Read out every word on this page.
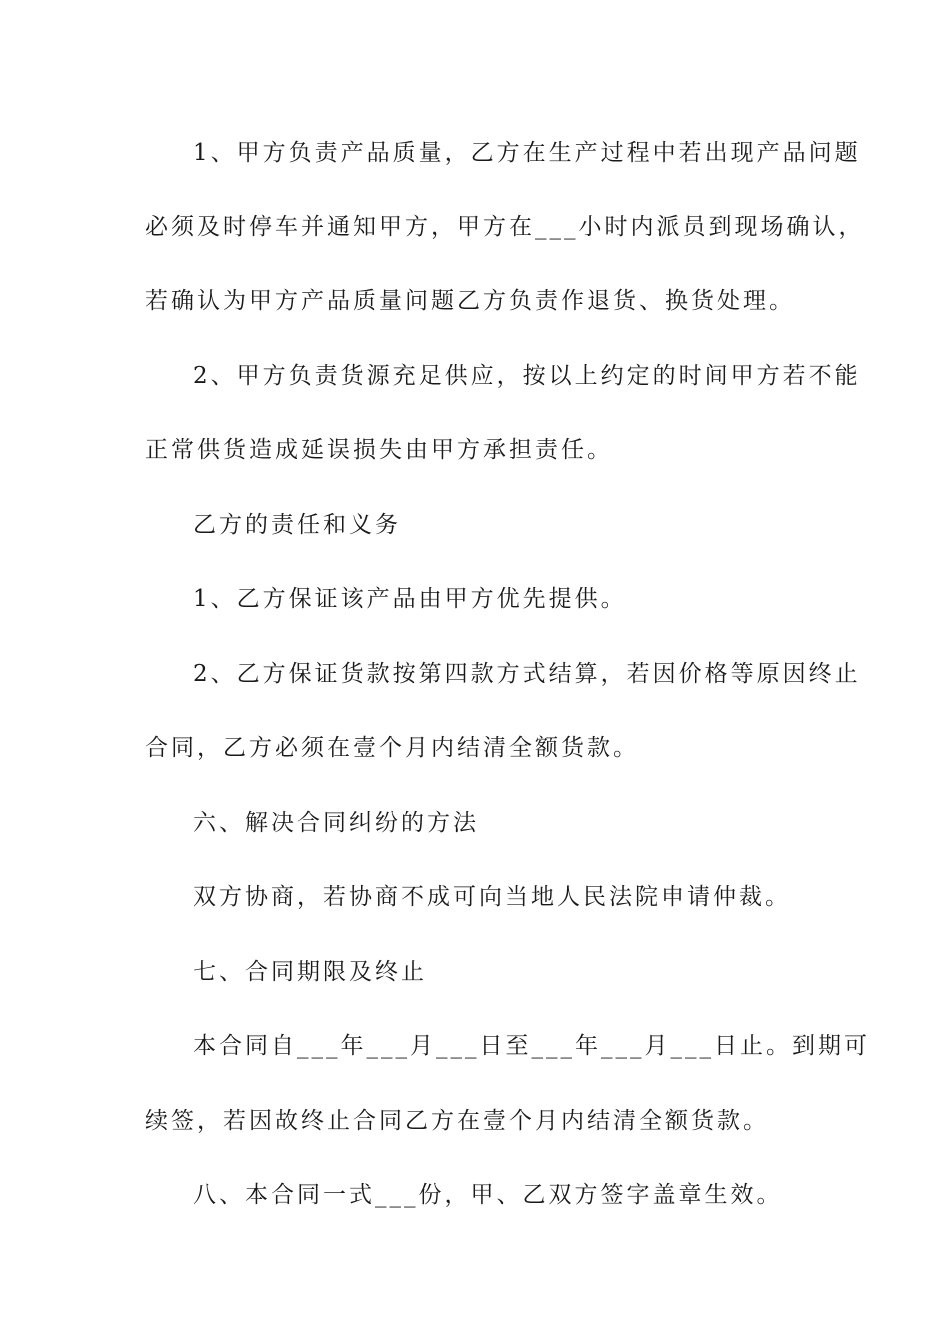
1、甲方负责产品质量，乙方在生产过程中若出现产品问题
必须及时停车并通知甲方，甲方在___小时内派员到现场确认，
若确认为甲方产品质量问题乙方负责作退货、换货处理。
2、甲方负责货源充足供应，按以上约定的时间甲方若不能
正常供货造成延误损失由甲方承担责任。
乙方的责任和义务
1、乙方保证该产品由甲方优先提供。
2、乙方保证货款按第四款方式结算，若因价格等原因终止
合同，乙方必须在壹个月内结清全额货款。
六、解决合同纠纷的方法
双方协商，若协商不成可向当地人民法院申请仲裁。
七、合同期限及终止
本合同自___年___月___日至___年___月___日止。到期可
续签，若因故终止合同乙方在壹个月内结清全额货款。
八、本合同一式___份，甲、乙双方签字盖章生效。
